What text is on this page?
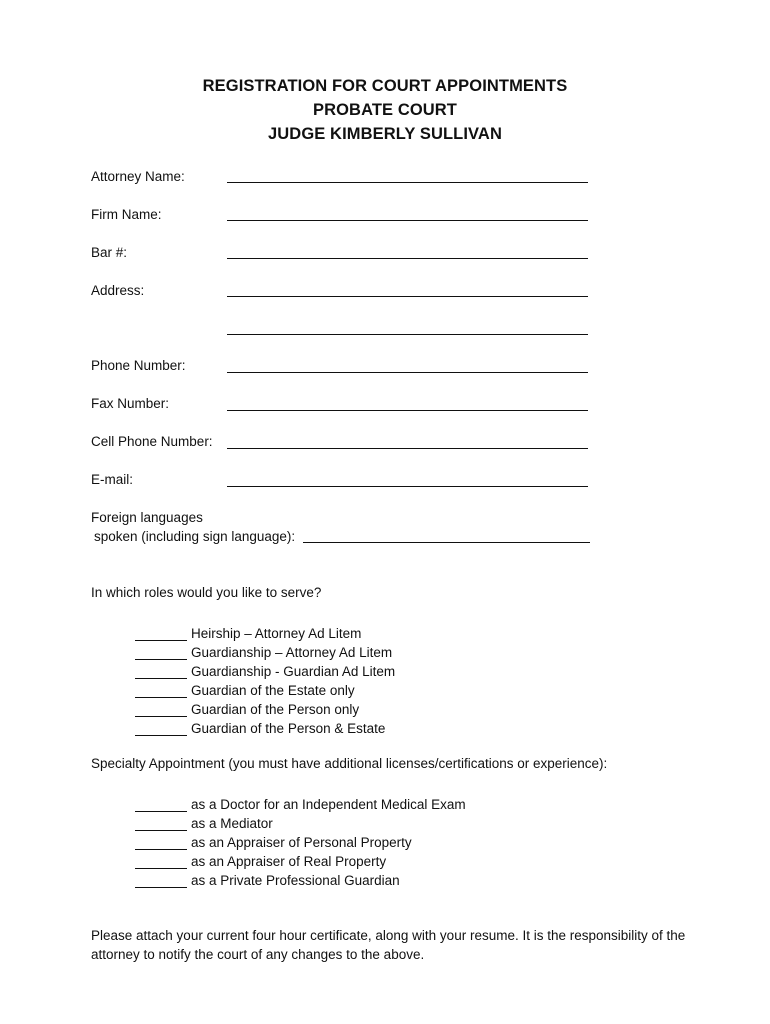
REGISTRATION FOR COURT APPOINTMENTS
PROBATE COURT
JUDGE KIMBERLY SULLIVAN
Attorney Name:
Firm Name:
Bar #:
Address:
Phone Number:
Fax Number:
Cell Phone Number:
E-mail:
Foreign languages
spoken (including sign language):
In which roles would you like to serve?
Heirship – Attorney Ad Litem
Guardianship – Attorney Ad Litem
Guardianship - Guardian Ad Litem
Guardian of the Estate only
Guardian of the Person only
Guardian of the Person & Estate
Specialty Appointment (you must have additional licenses/certifications or experience):
as a Doctor for an Independent Medical Exam
as a Mediator
as an Appraiser of Personal Property
as an Appraiser of Real Property
as a Private Professional Guardian
Please attach your current four hour certificate, along with your resume. It is the responsibility of the attorney to notify the court of any changes to the above.
